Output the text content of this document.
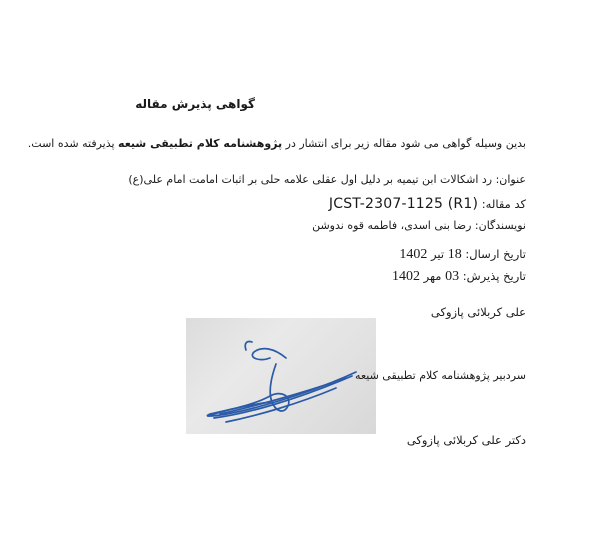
گواهی پذیرش مقاله
بدین وسیله گواهی می شود مقاله زیر برای انتشار در پژوهشنامه کلام تطبیقی شیعه پذیرفته شده است.
عنوان: رد اشکالات ابن تیمیه بر دلیل اول عقلی علامه حلی بر اثبات امامت امام علی(ع)
کد مقاله: JCST-2307-1125 (R1)
نویسندگان: رضا بنی اسدی، فاطمه قوه ندوشن
تاریخ ارسال: 18 تیر 1402
تاریخ پذیرش: 03 مهر 1402
علی کربلائی پازوکی
سردبیر پژوهشنامه کلام تطبیقی شیعه
دکتر علی کربلائی پازوکی
